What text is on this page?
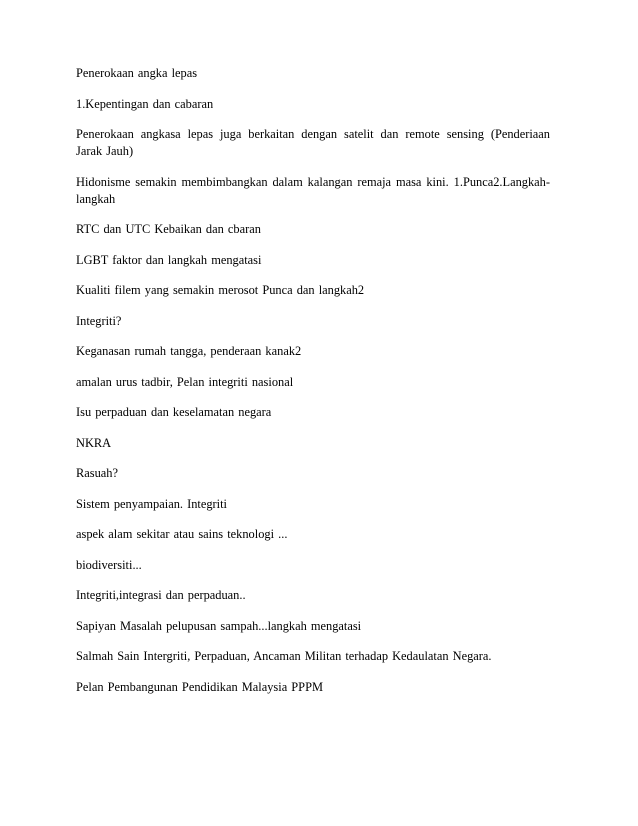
Penerokaan angka lepas

1.Kepentingan dan cabaran

Penerokaan angkasa lepas juga berkaitan dengan satelit dan remote sensing (Penderiaan Jarak Jauh)

Hidonisme semakin membimbangkan dalam kalangan remaja masa kini. 1.Punca2.Langkah-langkah

RTC dan UTC Kebaikan dan cbaran

LGBT faktor dan langkah mengatasi

Kualiti filem yang semakin merosot Punca dan langkah2

Integriti?

Keganasan rumah tangga, penderaan kanak2

amalan urus tadbir, Pelan integriti nasional

Isu perpaduan dan keselamatan negara

NKRA

Rasuah?

Sistem penyampaian. Integriti

aspek alam sekitar atau sains teknologi ...

biodiversiti...

Integriti,integrasi dan perpaduan..

Sapiyan Masalah pelupusan sampah...langkah mengatasi

Salmah Sain Intergriti, Perpaduan, Ancaman Militan terhadap Kedaulatan Negara.

Pelan Pembangunan Pendidikan Malaysia PPPM
